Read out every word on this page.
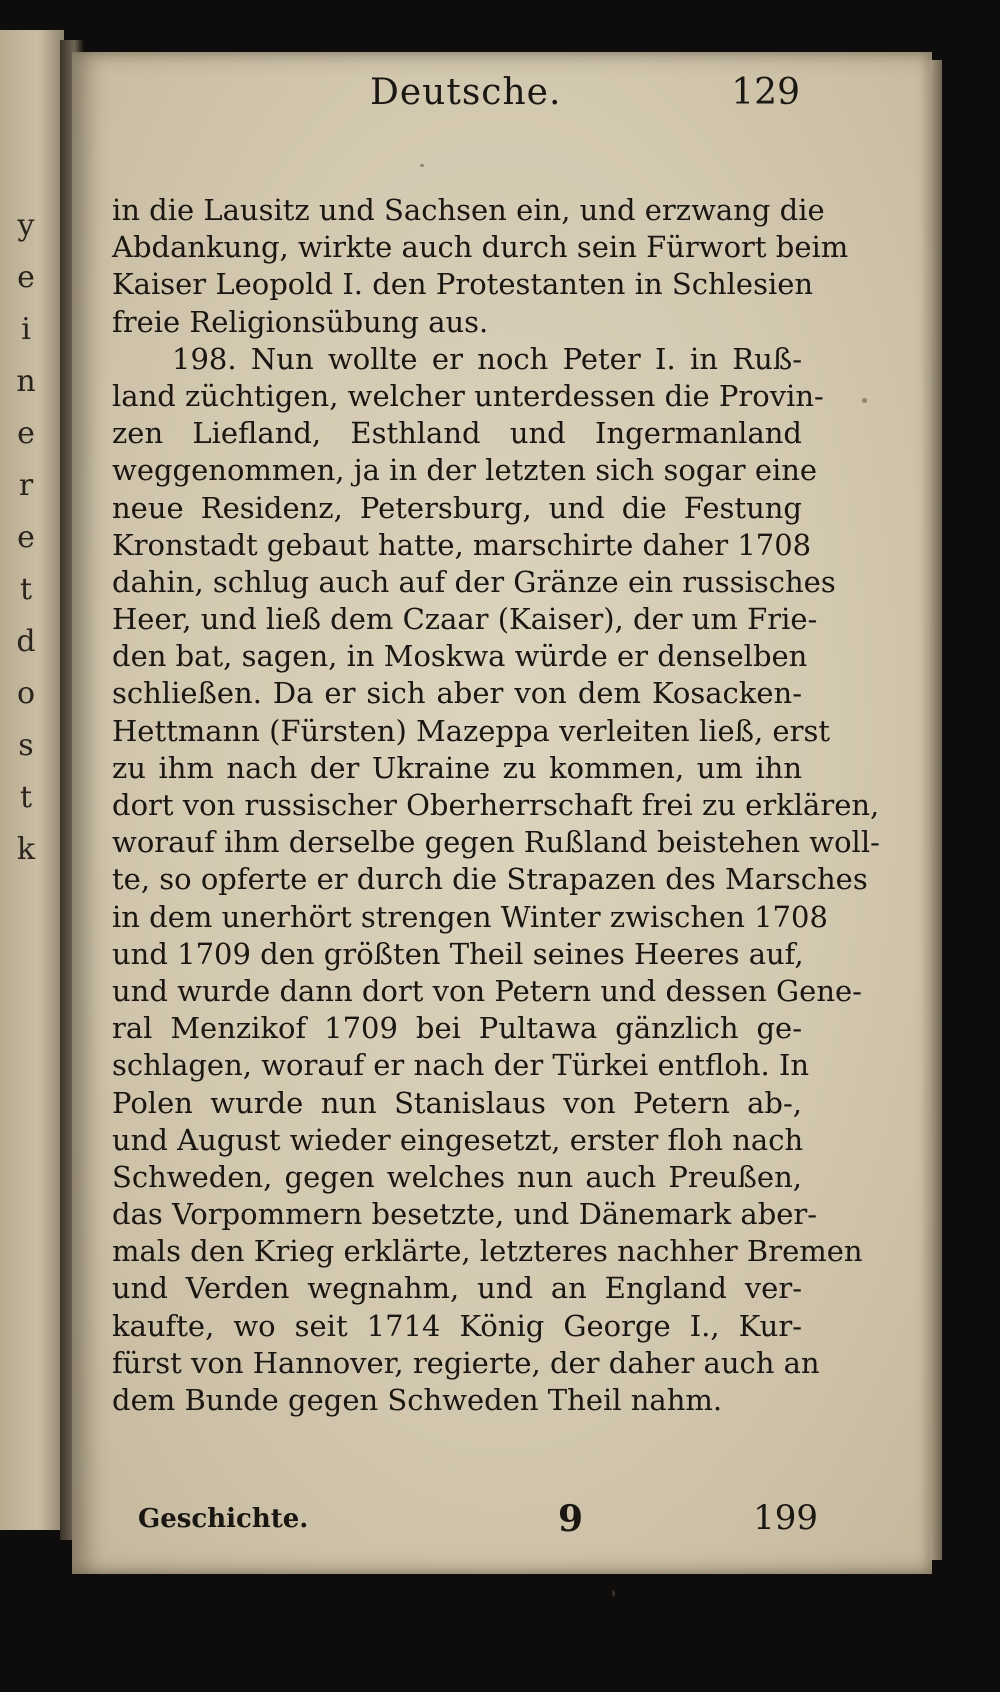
y
e
i
n
e
r
e
t
d
o
s
t
k
Deutsche.	129
in die Lausitz und Sachsen ein, und erzwang die
Abdankung, wirkte auch durch sein Fürwort beim
Kaiser Leopold I. den Protestanten in Schlesien
freie Religionsübung aus.
198. Nun wollte er noch Peter I. in Ruß-
land züchtigen, welcher unterdessen die Provin-
zen Liefland, Esthland und Ingermanland
weggenommen, ja in der letzten sich sogar eine
neue Residenz, Petersburg, und die Festung
Kronstadt gebaut hatte, marschirte daher 1708
dahin, schlug auch auf der Gränze ein russisches
Heer, und ließ dem Czaar (Kaiser), der um Frie-
den bat, sagen, in Moskwa würde er denselben
schließen. Da er sich aber von dem Kosacken-
Hettmann (Fürsten) Mazeppa verleiten ließ, erst
zu ihm nach der Ukraine zu kommen, um ihn
dort von russischer Oberherrschaft frei zu erklären,
worauf ihm derselbe gegen Rußland beistehen woll-
te, so opferte er durch die Strapazen des Marsches
in dem unerhört strengen Winter zwischen 1708
und 1709 den größten Theil seines Heeres auf,
und wurde dann dort von Petern und dessen Gene-
ral Menzikof 1709 bei Pultawa gänzlich ge-
schlagen, worauf er nach der Türkei entfloh. In
Polen wurde nun Stanislaus von Petern ab-,
und August wieder eingesetzt, erster floh nach
Schweden, gegen welches nun auch Preußen,
das Vorpommern besetzte, und Dänemark aber-
mals den Krieg erklärte, letzteres nachher Bremen
und Verden wegnahm, und an England ver-
kaufte, wo seit 1714 König George I., Kur-
fürst von Hannover, regierte, der daher auch an
dem Bunde gegen Schweden Theil nahm.
Geschichte.	9	199
